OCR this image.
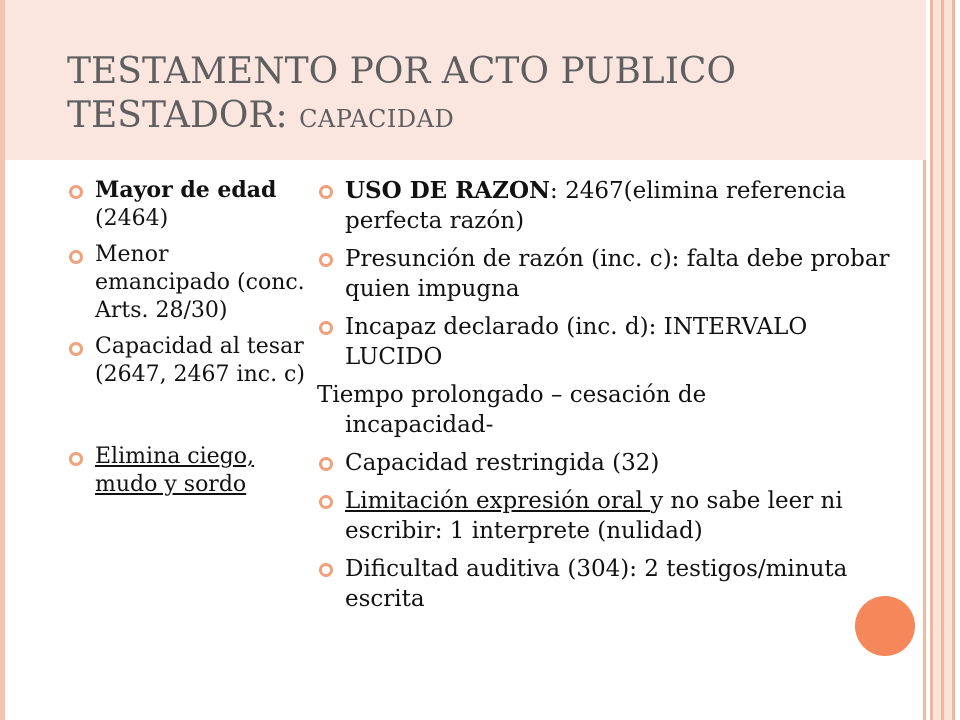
TESTAMENTO POR ACTO PUBLICO
TESTADOR: CAPACIDAD
Mayor de edad (2464)
Menor emancipado (conc. Arts. 28/30)
Capacidad al tesar (2647, 2467 inc. c)
Elimina ciego, mudo y sordo
USO DE RAZON: 2467(elimina referencia perfecta razón)
Presunción de razón (inc. c): falta debe probar quien impugna
Incapaz declarado (inc. d): INTERVALO LUCIDO
Tiempo prolongado – cesación de
incapacidad-
Capacidad restringida (32)
Limitación expresión oral y no sabe leer ni escribir: 1 interprete (nulidad)
Dificultad auditiva (304): 2 testigos/minuta escrita
